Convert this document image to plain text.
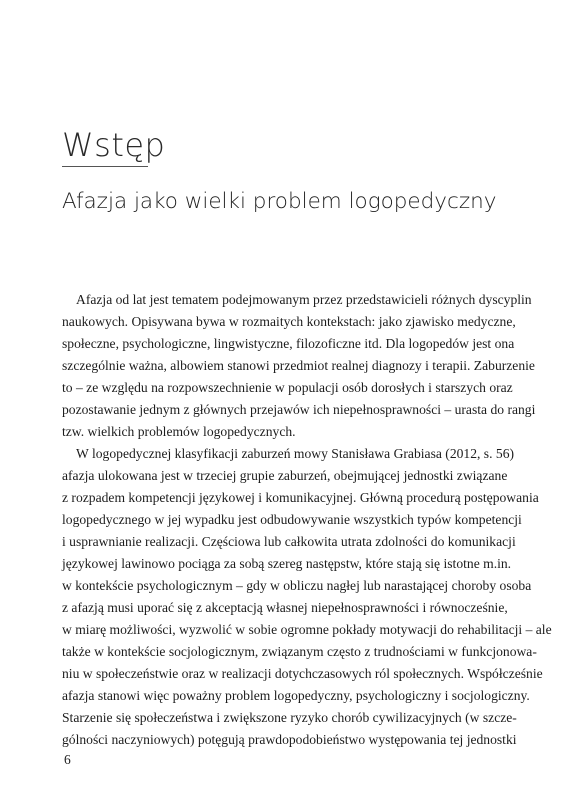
Wstęp
Afazja jako wielki problem logopedyczny
Afazja od lat jest tematem podejmowanym przez przedstawicieli różnych dyscyplin
naukowych. Opisywana bywa w rozmaitych kontekstach: jako zjawisko medyczne,
społeczne, psychologiczne, lingwistyczne, filozoficzne itd. Dla logopedów jest ona
szczególnie ważna, albowiem stanowi przedmiot realnej diagnozy i terapii. Zaburzenie
to – ze względu na rozpowszechnienie w populacji osób dorosłych i starszych oraz
pozostawanie jednym z głównych przejawów ich niepełnosprawności – urasta do rangi
tzw. wielkich problemów logopedycznych.
W logopedycznej klasyfikacji zaburzeń mowy Stanisława Grabiasa (2012, s. 56)
afazja ulokowana jest w trzeciej grupie zaburzeń, obejmującej jednostki związane
z rozpadem kompetencji językowej i komunikacyjnej. Główną procedurą postępowania
logopedycznego w jej wypadku jest odbudowywanie wszystkich typów kompetencji
i usprawnianie realizacji. Częściowa lub całkowita utrata zdolności do komunikacji
językowej lawinowo pociąga za sobą szereg następstw, które stają się istotne m.in.
w kontekście psychologicznym – gdy w obliczu nagłej lub narastającej choroby osoba
z afazją musi uporać się z akceptacją własnej niepełnosprawności i równocześnie,
w miarę możliwości, wyzwolić w sobie ogromne pokłady motywacji do rehabilitacji – ale
także w kontekście socjologicznym, związanym często z trudnościami w funkcjonowa-
niu w społeczeństwie oraz w realizacji dotychczasowych ról społecznych. Współcześnie
afazja stanowi więc poważny problem logopedyczny, psychologiczny i socjologiczny.
Starzenie się społeczeństwa i zwiększone ryzyko chorób cywilizacyjnych (w szcze-
gólności naczyniowych) potęgują prawdopodobieństwo występowania tej jednostki
6
